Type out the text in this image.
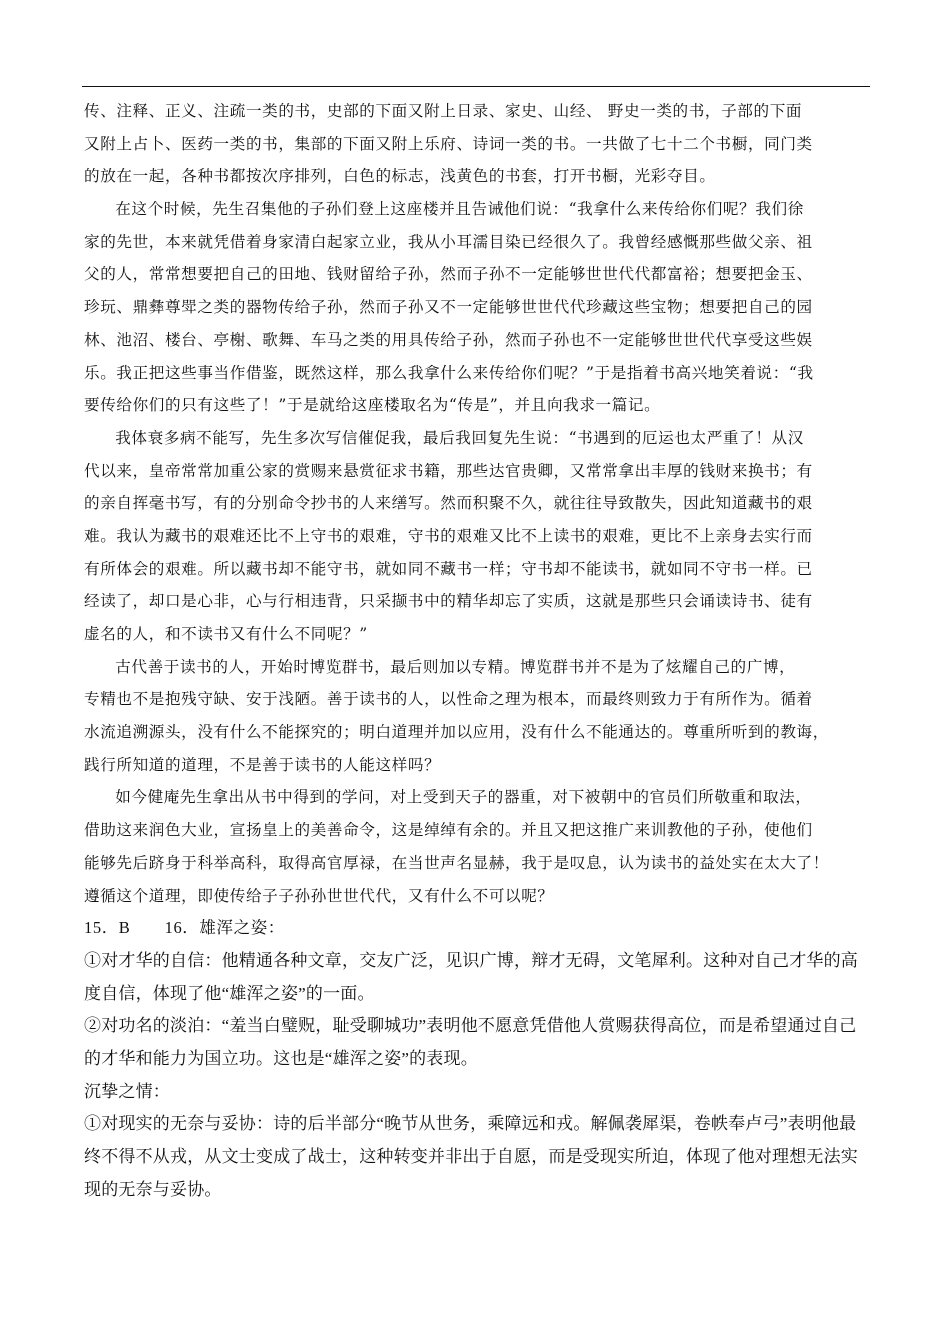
传、注释、正义、注疏一类的书，史部的下面又附上日录、家史、山经、 野史一类的书，子部的下面
又附上占卜、医药一类的书，集部的下面又附上乐府、诗词一类的书。一共做了七十二个书橱，同门类
的放在一起，各种书都按次序排列，白色的标志，浅黄色的书套，打开书橱，光彩夺目。
在这个时候，先生召集他的子孙们登上这座楼并且告诫他们说：“我拿什么来传给你们呢？我们徐
家的先世，本来就凭借着身家清白起家立业，我从小耳濡目染已经很久了。我曾经感慨那些做父亲、祖
父的人，常常想要把自己的田地、钱财留给子孙，然而子孙不一定能够世世代代都富裕；想要把金玉、
珍玩、鼎彝尊斝之类的器物传给子孙，然而子孙又不一定能够世世代代珍藏这些宝物；想要把自己的园
林、池沼、楼台、亭榭、歌舞、车马之类的用具传给子孙，然而子孙也不一定能够世世代代享受这些娱
乐。我正把这些事当作借鉴，既然这样，那么我拿什么来传给你们呢？”于是指着书高兴地笑着说：“我
要传给你们的只有这些了！”于是就给这座楼取名为“传是”，并且向我求一篇记。
我体衰多病不能写，先生多次写信催促我，最后我回复先生说：“书遇到的厄运也太严重了！从汉
代以来，皇帝常常加重公家的赏赐来悬赏征求书籍，那些达官贵卿，又常常拿出丰厚的钱财来换书；有
的亲自挥毫书写，有的分别命令抄书的人来缮写。然而积聚不久，就往往导致散失，因此知道藏书的艰
难。我认为藏书的艰难还比不上守书的艰难，守书的艰难又比不上读书的艰难，更比不上亲身去实行而
有所体会的艰难。所以藏书却不能守书，就如同不藏书一样；守书却不能读书，就如同不守书一样。已
经读了，却口是心非，心与行相违背，只采撷书中的精华却忘了实质，这就是那些只会诵读诗书、徒有
虚名的人，和不读书又有什么不同呢？”
古代善于读书的人，开始时博览群书，最后则加以专精。博览群书并不是为了炫耀自己的广博，
专精也不是抱残守缺、安于浅陋。善于读书的人，以性命之理为根本，而最终则致力于有所作为。循着
水流追溯源头，没有什么不能探究的；明白道理并加以应用，没有什么不能通达的。尊重所听到的教诲，
践行所知道的道理，不是善于读书的人能这样吗？
如今健庵先生拿出从书中得到的学问，对上受到天子的器重，对下被朝中的官员们所敬重和取法，
借助这来润色大业，宣扬皇上的美善命令，这是绰绰有余的。并且又把这推广来训教他的子孙，使他们
能够先后跻身于科举高科，取得高官厚禄，在当世声名显赫，我于是叹息，认为读书的益处实在太大了！
遵循这个道理，即使传给子子孙孙世世代代，又有什么不可以呢？
15．B　　16．雄浑之姿：
①对才华的自信：他精通各种文章，交友广泛，见识广博，辩才无碍，文笔犀利。这种对自己才华的高
度自信，体现了他“雄浑之姿”的一面。
②对功名的淡泊：“羞当白璧贶，耻受聊城功”表明他不愿意凭借他人赏赐获得高位，而是希望通过自己
的才华和能力为国立功。这也是“雄浑之姿”的表现。
沉挚之情：
①对现实的无奈与妥协：诗的后半部分“晚节从世务，乘障远和戎。解佩袭犀渠，卷帙奉卢弓”表明他最
终不得不从戎，从文士变成了战士，这种转变并非出于自愿，而是受现实所迫，体现了他对理想无法实
现的无奈与妥协。
